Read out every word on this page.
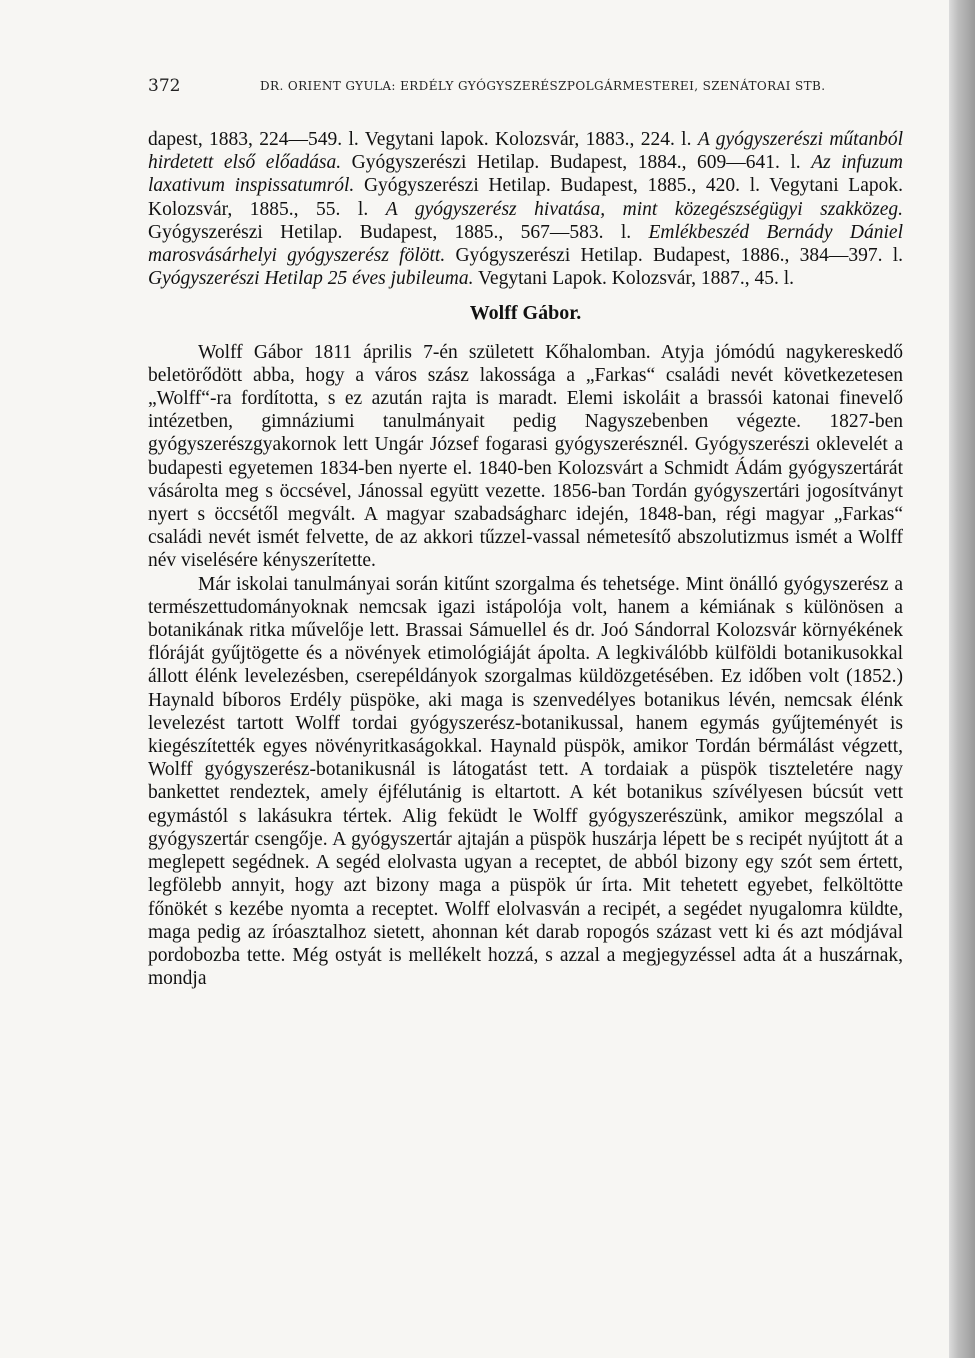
372	DR. ORIENT GYULA: ERDÉLY GYÓGYSZERÉSZPOLGÁRMESTEREI, SZENÁTORAI STB.

dapest, 1883, 224—549. l. Vegytani lapok. Kolozsvár, 1883., 224. l. A gyógyszerészi műtanból hirdetett első előadása. Gyógyszerészi Hetilap. Budapest, 1884., 609—641. l. Az infuzum laxativum inspissatumról. Gyógyszerészi Hetilap. Budapest, 1885., 420. l. Vegytani Lapok. Kolozsvár, 1885., 55. l. A gyógyszerész hivatása, mint közegészségügyi szakközeg. Gyógyszerészi Hetilap. Budapest, 1885., 567—583. l. Emlékbeszéd Bernády Dániel marosvásárhelyi gyógyszerész fölött. Gyógyszerészi Hetilap. Budapest, 1886., 384—397. l. Gyógyszerészi Hetilap 25 éves jubileuma. Vegytani Lapok. Kolozsvár, 1887., 45. l.

Wolff Gábor.

Wolff Gábor 1811 április 7-én született Kőhalomban. Atyja jómódú nagykereskedő beletörődött abba, hogy a város szász lakossága a „Farkas“ családi nevét következetesen „Wolff“-ra fordította, s ez azután rajta is maradt. Elemi iskoláit a brassói katonai finevelő intézetben, gimnáziumi tanulmányait pedig Nagyszebenben végezte. 1827-ben gyógyszerészgyakornok lett Ungár József fogarasi gyógyszerésznél. Gyógyszerészi oklevelét a budapesti egyetemen 1834-ben nyerte el. 1840-ben Kolozsvárt a Schmidt Ádám gyógyszertárát vásárolta meg s öccsével, Jánossal együtt vezette. 1856-ban Tordán gyógyszertári jogosítványt nyert s öccsétől megvált. A magyar szabadságharc idején, 1848-ban, régi magyar „Farkas“ családi nevét ismét felvette, de az akkori tűzzel-vassal németesítő abszolutizmus ismét a Wolff név viselésére kényszerítette.

Már iskolai tanulmányai során kitűnt szorgalma és tehetsége. Mint önálló gyógyszerész a természettudományoknak nemcsak igazi istápolója volt, hanem a kémiának s különösen a botanikának ritka művelője lett. Brassai Sámuellel és dr. Joó Sándorral Kolozsvár környékének flóráját gyűjtögette és a növények etimológiáját ápolta. A legkiválóbb külföldi botanikusokkal állott élénk levelezésben, cserepéldányok szorgalmas küldözgetésében. Ez időben volt (1852.) Haynald bíboros Erdély püspöke, aki maga is szenvedélyes botanikus lévén, nemcsak élénk levelezést tartott Wolff tordai gyógyszerész-botanikussal, hanem egymás gyűjteményét is kiegészítették egyes növényritkaságokkal. Haynald püspök, amikor Tordán bérmálást végzett, Wolff gyógyszerész-botanikusnál is látogatást tett. A tordaiak a püspök tiszteletére nagy bankettet rendeztek, amely éjfélutánig is eltartott. A két botanikus szívélyesen búcsút vett egymástól s lakásukra tértek. Alig feküdt le Wolff gyógyszerészünk, amikor megszólal a gyógyszertár csengője. A gyógyszertár ajtaján a püspök huszárja lépett be s recipét nyújtott át a meglepett segédnek. A segéd elolvasta ugyan a receptet, de abból bizony egy szót sem értett, legfölebb annyit, hogy azt bizony maga a püspök úr írta. Mit tehetett egyebet, felköltötte főnökét s kezébe nyomta a receptet. Wolff elolvasván a recipét, a segédet nyugalomra küldte, maga pedig az íróasztalhoz sietett, ahonnan két darab ropogós százast vett ki és azt módjával pordobozba tette. Még ostyát is mellékelt hozzá, s azzal a megjegyzéssel adta át a huszárnak, mondja
